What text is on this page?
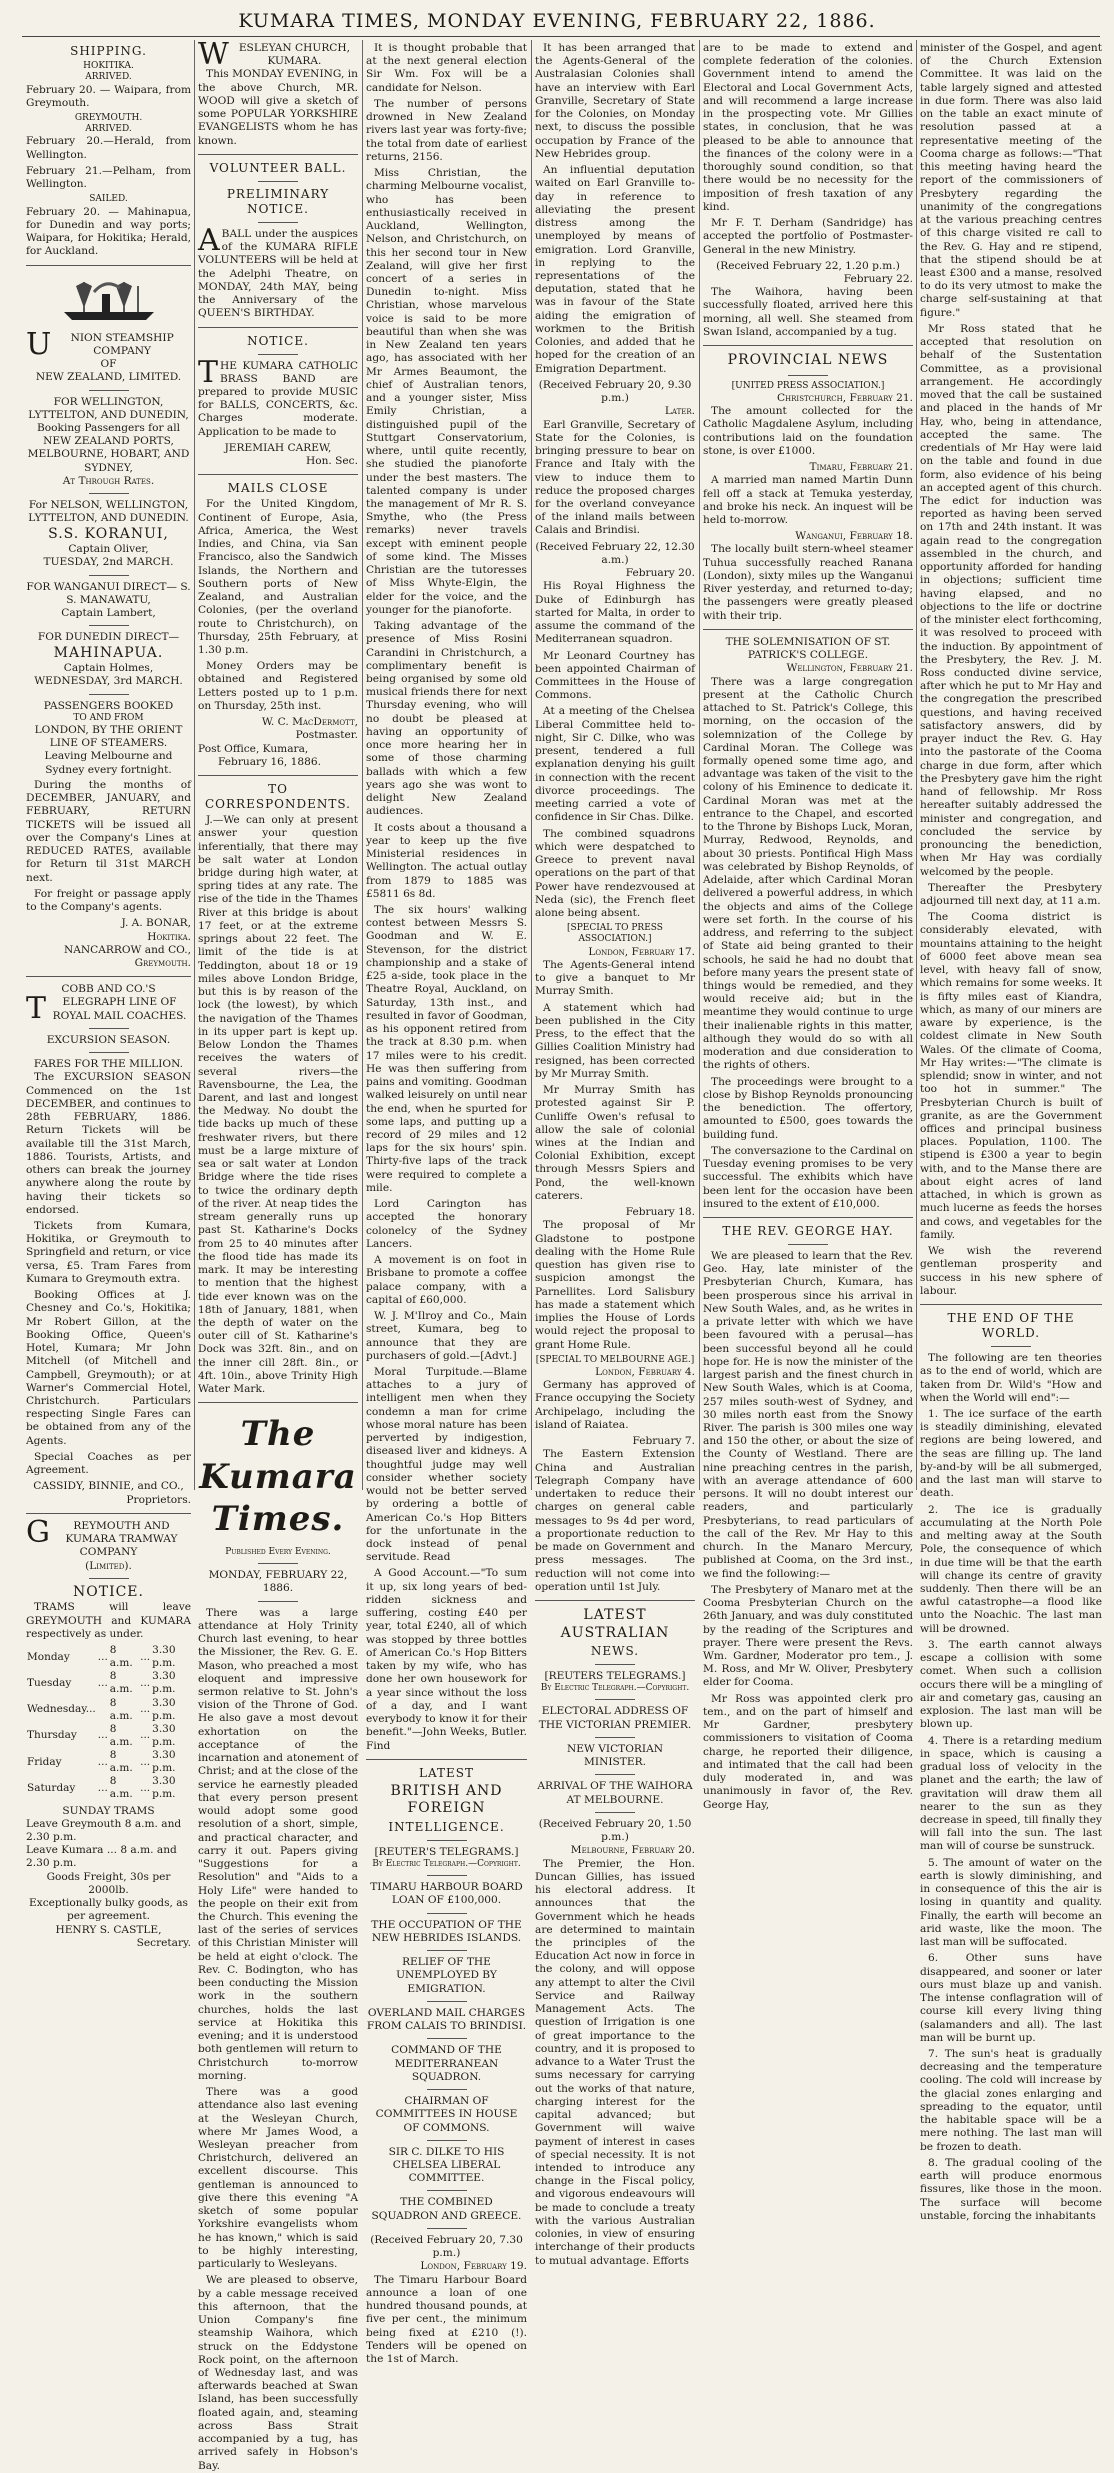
KUMARA TIMES, MONDAY EVENING, FEBRUARY 22, 1886.
SHIPPING.
HOKITIKA.
ARRIVED.

February 20. — Waipara, from Greymouth.

GREYMOUTH.
ARRIVED.

February 20.—Herald, from Wellington.

February 21.—Pelham, from Wellington.

SAILED.

February 20. — Mahinapua, for Dunedin and way ports; Waipara, for Hokitika; Herald, for Auckland.

U	NION STEAMSHIP COMPANY
OF
NEW ZEALAND, LIMITED.
FOR WELLINGTON, LYTTELTON, AND DUNEDIN,
Booking Passengers for all
NEW ZEALAND PORTS, MELBOURNE, HOBART, AND SYDNEY,
At Through Rates.
For NELSON, WELLINGTON, LYTTELTON, AND DUNEDIN.
S.S. KORANUI,
Captain Oliver,
TUESDAY, 2nd MARCH.
FOR WANGANUI DIRECT— S. S. MANAWATU,
Captain Lambert,
FOR DUNEDIN DIRECT—
MAHINAPUA.
Captain Holmes,
WEDNESDAY, 3rd MARCH.
PASSENGERS BOOKED
TO AND FROM
LONDON, BY THE ORIENT LINE OF STEAMERS.
Leaving Melbourne and Sydney every fortnight.

During the months of DECEMBER, JANUARY, and FEBRUARY, RETURN TICKETS will be issued all over the Company's Lines at REDUCED RATES, available for Return til 31st MARCH next.

For freight or passage apply to the Company's agents.

J. A. BONAR,
Hokitika.
NANCARROW and CO.,
Greymouth.
COBB AND CO.'S
T	ELEGRAPH LINE OF ROYAL MAIL COACHES.
EXCURSION SEASON.
FARES FOR THE MILLION.

The EXCURSION SEASON Commenced on the 1st DECEMBER, and continues to 28th FEBRUARY, 1886. Return Tickets will be available till the 31st March, 1886. Tourists, Artists, and others can break the journey anywhere along the route by having their tickets so endorsed.

Tickets from Kumara, Hokitika, or Greymouth to Springfield and return, or vice versa, £5. Tram Fares from Kumara to Greymouth extra.

Booking Offices at J. Chesney and Co.'s, Hokitika; Mr Robert Gillon, at the Booking Office, Queen's Hotel, Kumara; Mr John Mitchell (of Mitchell and Campbell, Greymouth); or at Warner's Commercial Hotel, Christchurch. Particulars respecting Single Fares can be obtained from any of the Agents.

Special Coaches as per Agreement.

CASSIDY, BINNIE, and CO.,
Proprietors.
G	REYMOUTH AND KUMARA TRAMWAY COMPANY
(Limited).
NOTICE.

TRAMS will leave GREYMOUTH and KUMARA respectively as under.

Monday	...	8 a.m.	...	3.30 p.m.
Tuesday	...	8 a.m.	...	3.30 p.m.
Wednesday...		8 a.m.	...	3.30 p.m.
Thursday	...	8 a.m.	...	3.30 p.m.
Friday	...	8 a.m.	...	3.30 p.m.
Saturday	...	8 a.m.	...	3.30 p.m.
SUNDAY TRAMS
Leave Greymouth 8 a.m. and 2.30 p.m.
Leave Kumara ... 8 a.m. and 2.30 p.m.
Goods Freight, 30s per 2000lb.
Exceptionally bulky goods, as per agreement.
HENRY S. CASTLE,
Secretary.
W ESLEYAN CHURCH, KUMARA.

This MONDAY EVENING, in the above Church, MR. WOOD will give a sketch of some POPULAR YORKSHIRE EVANGELISTS whom he has known.

VOLUNTEER BALL.
PRELIMINARY NOTICE.

ABALL under the auspices of the KUMARA RIFLE VOLUNTEERS will be held at the Adelphi Theatre, on MONDAY, 24th MAY, being the Anniversary of the QUEEN'S BIRTHDAY.

NOTICE.

THE KUMARA CATHOLIC BRASS BAND are prepared to provide MUSIC for BALLS, CONCERTS, &c. Charges moderate. Application to be made to

JEREMIAH CAREW,
Hon. Sec.
MAILS CLOSE

For the United Kingdom, Continent of Europe, Asia, Africa, America, the West Indies, and China, via San Francisco, also the Sandwich Islands, the Northern and Southern ports of New Zealand, and Australian Colonies, (per the overland route to Christchurch), on Thursday, 25th February, at 1.30 p.m.

Money Orders may be obtained and Registered Letters posted up to 1 p.m. on Thursday, 25th inst.

W. C. MacDermott,
Postmaster.
Post Office, Kumara,
February 16, 1886.
TO CORRESPONDENTS.

J.—We can only at present answer your question inferentially, that there may be salt water at London bridge during high water, at spring tides at any rate. The rise of the tide in the Thames River at this bridge is about 17 feet, or at the extreme springs about 22 feet. The limit of the tide is at Teddington, about 18 or 19 miles above London Bridge, but this is by reason of the lock (the lowest), by which the navigation of the Thames in its upper part is kept up. Below London the Thames receives the waters of several rivers—the Ravensbourne, the Lea, the Darent, and last and longest the Medway. No doubt the tide backs up much of these freshwater rivers, but there must be a large mixture of sea or salt water at London Bridge where the tide rises to twice the ordinary depth of the river. At neap tides the stream generally runs up past St. Katharine's Docks from 25 to 40 minutes after the flood tide has made its mark. It may be interesting to mention that the highest tide ever known was on the 18th of January, 1881, when the depth of water on the outer cill of St. Katharine's Dock was 32ft. 8in., and on the inner cill 28ft. 8in., or 4ft. 10in., above Trinity High Water Mark.

The Kumara Times.
Published Every Evening.
MONDAY, FEBRUARY 22, 1886.

There was a large attendance at Holy Trinity Church last evening, to hear the Missioner, the Rev. G. E. Mason, who preached a most eloquent and impressive sermon relative to St. John's vision of the Throne of God. He also gave a most devout exhortation on the acceptance of the incarnation and atonement of Christ; and at the close of the service he earnestly pleaded that every person present would adopt some good resolution of a short, simple, and practical character, and carry it out. Papers giving "Suggestions for a Resolution" and "Aids to a Holy Life" were handed to the people on their exit from the Church. This evening the last of the series of services of this Christian Minister will be held at eight o'clock. The Rev. C. Bodington, who has been conducting the Mission work in the southern churches, holds the last service at Hokitika this evening; and it is understood both gentlemen will return to Christchurch to-morrow morning.

There was a good attendance also last evening at the Wesleyan Church, where Mr James Wood, a Wesleyan preacher from Christchurch, delivered an excellent discourse. This gentleman is announced to give there this evening "A sketch of some popular Yorkshire evangelists whom he has known," which is said to be highly interesting, particularly to Wesleyans.

We are pleased to observe, by a cable message received this afternoon, that the Union Company's fine steamship Waihora, which struck on the Eddystone Rock point, on the afternoon of Wednesday last, and was afterwards beached at Swan Island, has been successfully floated again, and, steaming across Bass Strait accompanied by a tug, has arrived safely in Hobson's Bay.

It is thought probable that at the next general election Sir Wm. Fox will be a candidate for Nelson.

The number of persons drowned in New Zealand rivers last year was forty-five; the total from date of earliest returns, 2156.

Miss Christian, the charming Melbourne vocalist, who has been enthusiastically received in Auckland, Wellington, Nelson, and Christchurch, on this her second tour in New Zealand, will give her first concert of a series in Dunedin to-night. Miss Christian, whose marvelous voice is said to be more beautiful than when she was in New Zealand ten years ago, has associated with her Mr Armes Beaumont, the chief of Australian tenors, and a younger sister, Miss Emily Christian, a distinguished pupil of the Stuttgart Conservatorium, where, until quite recently, she studied the pianoforte under the best masters. The talented company is under the management of Mr R. S. Smythe, who (the Press remarks) never travels except with eminent people of some kind. The Misses Christian are the tutoresses of Miss Whyte-Elgin, the elder for the voice, and the younger for the pianoforte.

Taking advantage of the presence of Miss Rosini Carandini in Christchurch, a complimentary benefit is being organised by some old musical friends there for next Thursday evening, who will no doubt be pleased at having an opportunity of once more hearing her in some of those charming ballads with which a few years ago she was wont to delight New Zealand audiences.

It costs about a thousand a year to keep up the five Ministerial residences in Wellington. The actual outlay from 1879 to 1885 was £5811 6s 8d.

The six hours' walking contest between Messrs S. Goodman and W. E. Stevenson, for the district championship and a stake of £25 a-side, took place in the Theatre Royal, Auckland, on Saturday, 13th inst., and resulted in favor of Goodman, as his opponent retired from the track at 8.30 p.m. when 17 miles were to his credit. He was then suffering from pains and vomiting. Goodman walked leisurely on until near the end, when he spurted for some laps, and putting up a record of 29 miles and 12 laps for the six hours' spin. Thirty-five laps of the track were required to complete a mile.

Lord Carington has accepted the honorary colonelcy of the Sydney Lancers.

A movement is on foot in Brisbane to promote a coffee palace company, with a capital of £60,000.

W. J. M'Ilroy and Co., Main street, Kumara, beg to announce that they are purchasers of gold.—[Advt.]

Moral Turpitude.—Blame attaches to a jury of intelligent men when they condemn a man for crime whose moral nature has been perverted by indigestion, diseased liver and kidneys. A thoughtful judge may well consider whether society would not be better served by ordering a bottle of American Co.'s Hop Bitters for the unfortunate in the dock instead of penal servitude. Read

A Good Account.—"To sum it up, six long years of bed-ridden sickness and suffering, costing £40 per year, total £240, all of which was stopped by three bottles of American Co.'s Hop Bitters taken by my wife, who has done her own housework for a year since without the loss of a day, and I want everybody to know it for their benefit."—John Weeks, Butler. Find

LATEST
BRITISH AND FOREIGN
INTELLIGENCE.
[REUTER'S TELEGRAMS.]
By Electric Telegraph.—Copyright.
TIMARU HARBOUR BOARD LOAN OF £100,000.
THE OCCUPATION OF THE NEW HEBRIDES ISLANDS.
RELIEF OF THE UNEMPLOYED BY EMIGRATION.
OVERLAND MAIL CHARGES FROM CALAIS TO BRINDISI.
COMMAND OF THE MEDITERRANEAN SQUADRON.
CHAIRMAN OF COMMITTEES IN HOUSE OF COMMONS.
SIR C. DILKE TO HIS CHELSEA LIBERAL COMMITTEE.
THE COMBINED SQUADRON AND GREECE.
(Received February 20, 7.30 p.m.)
London, February 19.

The Timaru Harbour Board announce a loan of one hundred thousand pounds, at five per cent., the minimum being fixed at £210 (!). Tenders will be opened on the 1st of March.

It has been arranged that the Agents-General of the Australasian Colonies shall have an interview with Earl Granville, Secretary of State for the Colonies, on Monday next, to discuss the possible occupation by France of the New Hebrides group.

An influential deputation waited on Earl Granville to-day in reference to alleviating the present distress among the unemployed by means of emigration. Lord Granville, in replying to the representations of the deputation, stated that he was in favour of the State aiding the emigration of workmen to the British Colonies, and added that he hoped for the creation of an Emigration Department.

(Received February 20, 9.30 p.m.)
Later.

Earl Granville, Secretary of State for the Colonies, is bringing pressure to bear on France and Italy with the view to induce them to reduce the proposed charges for the overland conveyance of the inland mails between Calais and Brindisi.

(Received February 22, 12.30 a.m.)
February 20.

His Royal Highness the Duke of Edinburgh has started for Malta, in order to assume the command of the Mediterranean squadron.

Mr Leonard Courtney has been appointed Chairman of Committees in the House of Commons.

At a meeting of the Chelsea Liberal Committee held to-night, Sir C. Dilke, who was present, tendered a full explanation denying his guilt in connection with the recent divorce proceedings. The meeting carried a vote of confidence in Sir Chas. Dilke.

The combined squadrons which were despatched to Greece to prevent naval operations on the part of that Power have rendezvoused at Neda (sic), the French fleet alone being absent.

[SPECIAL TO PRESS ASSOCIATION.]
London, February 17.

The Agents-General intend to give a banquet to Mr Murray Smith.

A statement which had been published in the City Press, to the effect that the Gillies Coalition Ministry had resigned, has been corrected by Mr Murray Smith.

Mr Murray Smith has protested against Sir P. Cunliffe Owen's refusal to allow the sale of colonial wines at the Indian and Colonial Exhibition, except through Messrs Spiers and Pond, the well-known caterers.

February 18.

The proposal of Mr Gladstone to postpone dealing with the Home Rule question has given rise to suspicion amongst the Parnellites. Lord Salisbury has made a statement which implies the House of Lords would reject the proposal to grant Home Rule.

[SPECIAL TO MELBOURNE AGE.]
London, February 4.

Germany has approved of France occupying the Society Archipelago, including the island of Raiatea.

February 7.

The Eastern Extension China and Australian Telegraph Company have undertaken to reduce their charges on general cable messages to 9s 4d per word, a proportionate reduction to be made on Government and press messages. The reduction will not come into operation until 1st July.

LATEST AUSTRALIAN
NEWS.
[REUTERS TELEGRAMS.]
By Electric Telegraph.—Copyright.
ELECTORAL ADDRESS OF THE VICTORIAN PREMIER.
NEW VICTORIAN MINISTER.
ARRIVAL OF THE WAIHORA AT MELBOURNE.
(Received February 20, 1.50 p.m.)
Melbourne, February 20.

The Premier, the Hon. Duncan Gillies, has issued his electoral address. It announces that the Government which he heads are determined to maintain the principles of the Education Act now in force in the colony, and will oppose any attempt to alter the Civil Service and Railway Management Acts. The question of Irrigation is one of great importance to the country, and it is proposed to advance to a Water Trust the sums necessary for carrying out the works of that nature, charging interest for the capital advanced; but Government will waive payment of interest in cases of special necessity. It is not intended to introduce any change in the Fiscal policy, and vigorous endeavours will be made to conclude a treaty with the various Australian colonies, in view of ensuring interchange of their products to mutual advantage. Efforts

are to be made to extend and complete federation of the colonies. Government intend to amend the Electoral and Local Government Acts, and will recommend a large increase in the prospecting vote. Mr Gillies states, in conclusion, that he was pleased to be able to announce that the finances of the colony were in a thoroughly sound condition, so that there would be no necessity for the imposition of fresh taxation of any kind.

Mr F. T. Derham (Sandridge) has accepted the portfolio of Postmaster-General in the new Ministry.

(Received February 22, 1.20 p.m.)
February 22.

The Waihora, having been successfully floated, arrived here this morning, all well. She steamed from Swan Island, accompanied by a tug.

PROVINCIAL NEWS
[UNITED PRESS ASSOCIATION.]
Christchurch, February 21.

The amount collected for the Catholic Magdalene Asylum, including contributions laid on the foundation stone, is over £1000.

Timaru, February 21.

A married man named Martin Dunn fell off a stack at Temuka yesterday, and broke his neck. An inquest will be held to-morrow.

Wanganui, February 18.

The locally built stern-wheel steamer Tuhua successfully reached Ranana (London), sixty miles up the Wanganui River yesterday, and returned to-day; the passengers were greatly pleased with their trip.

THE SOLEMNISATION OF ST. PATRICK'S COLLEGE.
Wellington, February 21.

There was a large congregation present at the Catholic Church attached to St. Patrick's College, this morning, on the occasion of the solemnization of the College by Cardinal Moran. The College was formally opened some time ago, and advantage was taken of the visit to the colony of his Eminence to dedicate it. Cardinal Moran was met at the entrance to the Chapel, and escorted to the Throne by Bishops Luck, Moran, Murray, Redwood, Reynolds, and about 30 priests. Pontifical High Mass was celebrated by Bishop Reynolds, of Adelaide, after which Cardinal Moran delivered a powerful address, in which the objects and aims of the College were set forth. In the course of his address, and referring to the subject of State aid being granted to their schools, he said he had no doubt that before many years the present state of things would be remedied, and they would receive aid; but in the meantime they would continue to urge their inalienable rights in this matter, although they would do so with all moderation and due consideration to the rights of others.

The proceedings were brought to a close by Bishop Reynolds pronouncing the benediction. The offertory, amounted to £500, goes towards the building fund.

The conversazione to the Cardinal on Tuesday evening promises to be very successful. The exhibits which have been lent for the occasion have been insured to the extent of £10,000.

THE REV. GEORGE HAY.

We are pleased to learn that the Rev. Geo. Hay, late minister of the Presbyterian Church, Kumara, has been prosperous since his arrival in New South Wales, and, as he writes in a private letter with which we have been favoured with a perusal—has been successful beyond all he could hope for. He is now the minister of the largest parish and the finest church in New South Wales, which is at Cooma, 257 miles south-west of Sydney, and 30 miles north east from the Snowy River. The parish is 300 miles one way and 150 the other, or about the size of the County of Westland. There are nine preaching centres in the parish, with an average attendance of 600 persons. It will no doubt interest our readers, and particularly Presbyterians, to read particulars of the call of the Rev. Mr Hay to this church. In the Manaro Mercury, published at Cooma, on the 3rd inst., we find the following:—

The Presbytery of Manaro met at the Cooma Presbyterian Church on the 26th January, and was duly constituted by the reading of the Scriptures and prayer. There were present the Revs. Wm. Gardner, Moderator pro tem., J. M. Ross, and Mr W. Oliver, Presbytery elder for Cooma.

Mr Ross was appointed clerk pro tem., and on the part of himself and Mr Gardner, presbytery commissioners to visitation of Cooma charge, he reported their diligence, and intimated that the call had been duly moderated in, and was unanimously in favor of, the Rev. George Hay,

minister of the Gospel, and agent of the Church Extension Committee. It was laid on the table largely signed and attested in due form. There was also laid on the table an exact minute of resolution passed at a representative meeting of the Cooma charge as follows:—"That this meeting having heard the report of the commissioners of Presbytery regarding the unanimity of the congregations at the various preaching centres of this charge visited re call to the Rev. G. Hay and re stipend, that the stipend should be at least £300 and a manse, resolved to do its very utmost to make the charge self-sustaining at that figure."

Mr Ross stated that he accepted that resolution on behalf of the Sustentation Committee, as a provisional arrangement. He accordingly moved that the call be sustained and placed in the hands of Mr Hay, who, being in attendance, accepted the same. The credentials of Mr Hay were laid on the table and found in due form, also evidence of his being an accepted agent of this church. The edict for induction was reported as having been served on 17th and 24th instant. It was again read to the congregation assembled in the church, and opportunity afforded for handing in objections; sufficient time having elapsed, and no objections to the life or doctrine of the minister elect forthcoming, it was resolved to proceed with the induction. By appointment of the Presbytery, the Rev. J. M. Ross conducted divine service, after which he put to Mr Hay and the congregation the prescribed questions, and having received satisfactory answers, did by prayer induct the Rev. G. Hay into the pastorate of the Cooma charge in due form, after which the Presbytery gave him the right hand of fellowship. Mr Ross hereafter suitably addressed the minister and congregation, and concluded the service by pronouncing the benediction, when Mr Hay was cordially welcomed by the people.

Thereafter the Presbytery adjourned till next day, at 11 a.m.

The Cooma district is considerably elevated, with mountains attaining to the height of 6000 feet above mean sea level, with heavy fall of snow, which remains for some weeks. It is fifty miles east of Kiandra, which, as many of our miners are aware by experience, is the coldest climate in New South Wales. Of the climate of Cooma, Mr Hay writes:—"The climate is splendid; snow in winter, and not too hot in summer." The Presbyterian Church is built of granite, as are the Government offices and principal business places. Population, 1100. The stipend is £300 a year to begin with, and to the Manse there are about eight acres of land attached, in which is grown as much lucerne as feeds the horses and cows, and vegetables for the family.

We wish the reverend gentleman prosperity and success in his new sphere of labour.

THE END OF THE WORLD.

The following are ten theories as to the end of world, which are taken from Dr. Wild's "How and when the World will end":—

1. The ice surface of the earth is steadily diminishing, elevated regions are being lowered, and the seas are filling up. The land by-and-by will be all submerged, and the last man will starve to death.

2. The ice is gradually accumulating at the North Pole and melting away at the South Pole, the consequence of which in due time will be that the earth will change its centre of gravity suddenly. Then there will be an awful catastrophe—a flood like unto the Noachic. The last man will be drowned.

3. The earth cannot always escape a collision with some comet. When such a collision occurs there will be a mingling of air and cometary gas, causing an explosion. The last man will be blown up.

4. There is a retarding medium in space, which is causing a gradual loss of velocity in the planet and the earth; the law of gravitation will draw them all nearer to the sun as they decrease in speed, till finally they will fall into the sun. The last man will of course be sunstruck.

5. The amount of water on the earth is slowly diminishing, and in consequence of this the air is losing in quantity and quality. Finally, the earth will become an arid waste, like the moon. The last man will be suffocated.

6. Other suns have disappeared, and sooner or later ours must blaze up and vanish. The intense conflagration will of course kill every living thing (salamanders and all). The last man will be burnt up.

7. The sun's heat is gradually decreasing and the temperature cooling. The cold will increase by the glacial zones enlarging and spreading to the equator, until the habitable space will be a mere nothing. The last man will be frozen to death.

8. The gradual cooling of the earth will produce enormous fissures, like those in the moon. The surface will become unstable, forcing the inhabitants
